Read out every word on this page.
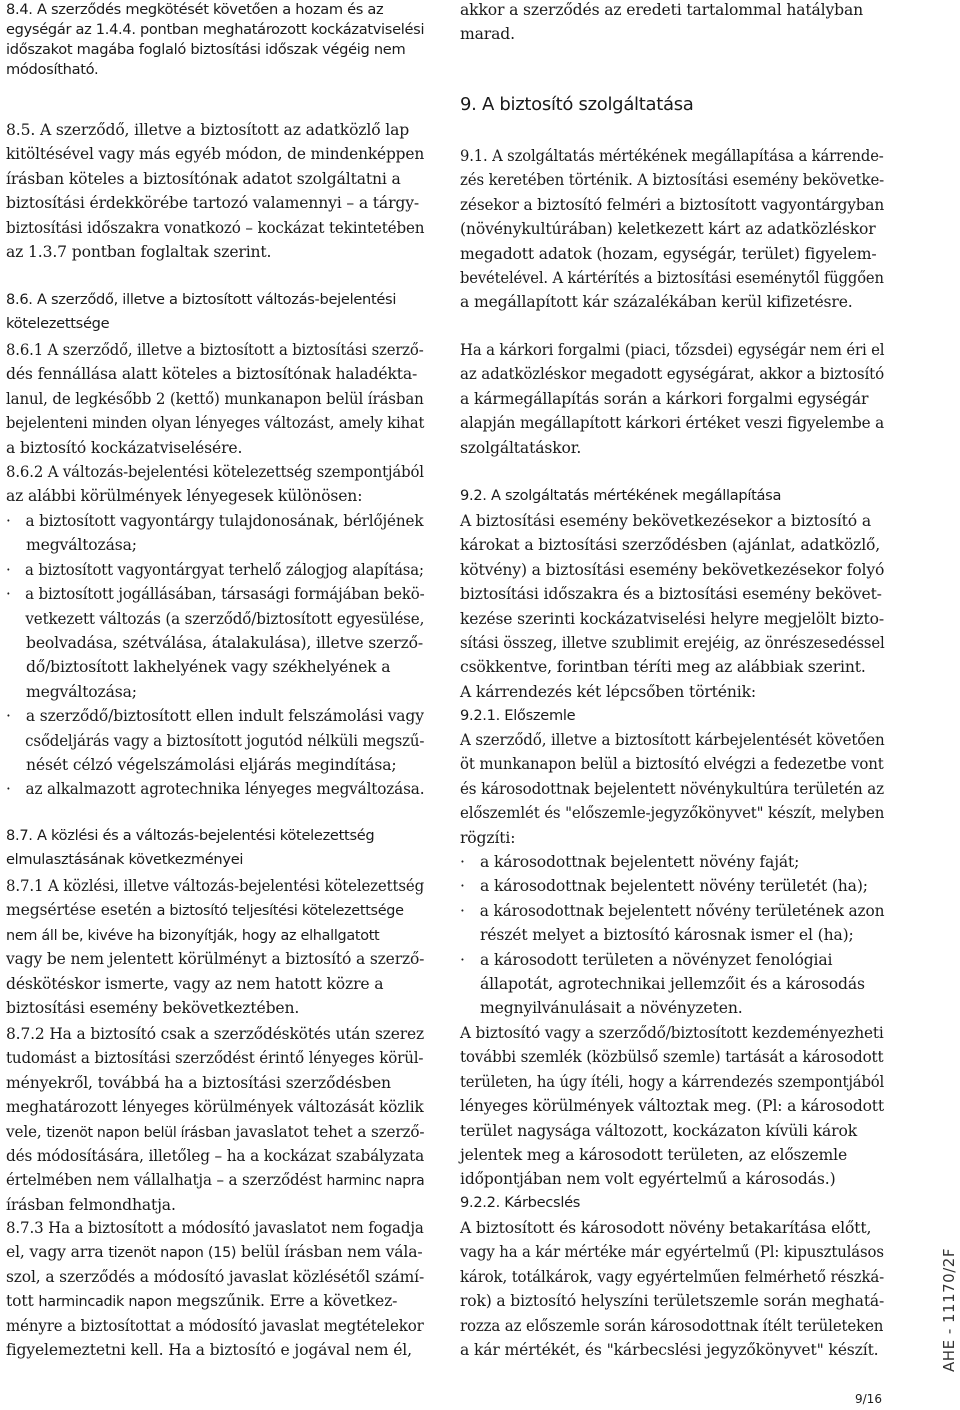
8.4. A szerződés megkötését követően a hozam és az
egységár az 1.4.4. pontban meghatározott kockázatviselési
időszakot magába foglaló biztosítási időszak végéig nem
módosítható.
8.5. A szerződő, illetve a biztosított az adatközlő lap
kitöltésével vagy más egyéb módon, de mindenképpen
írásban köteles a biztosítónak adatot szolgáltatni a
biztosítási érdekkörébe tartozó valamennyi – a tárgy-
biztosítási időszakra vonatkozó – kockázat tekintetében
az 1.3.7 pontban foglaltak szerint.
8.6. A szerződő, illetve a biztosított változás-bejelentési
kötelezettsége
8.6.1 A szerződő, illetve a biztosított a biztosítási szerző-
dés fennállása alatt köteles a biztosítónak haladékta-
lanul, de legkésőbb 2 (kettő) munkanapon belül írásban
bejelenteni minden olyan lényeges változást, amely kihat
a biztosító kockázatviselésére.
8.6.2 A változás-bejelentési kötelezettség szempontjából
az alábbi körülmények lényegesek különösen:
· a biztosított vagyontárgy tulajdonosának, bérlőjének
megváltozása;
· a biztosított vagyontárgyat terhelő zálogjog alapítása;
· a biztosított jogállásában, társasági formájában bekö-
vetkezett változás (a szerződő/biztosított egyesülése,
beolvadása, szétválása, átalakulása), illetve szerző-
dő/biztosított lakhelyének vagy székhelyének a
megváltozása;
· a szerződő/biztosított ellen indult felszámolási vagy
csődeljárás vagy a biztosított jogutód nélküli megszű-
nését célzó végelszámolási eljárás megindítása;
· az alkalmazott agrotechnika lényeges megváltozása.
8.7. A közlési és a változás-bejelentési kötelezettség
elmulasztásának következményei
8.7.1 A közlési, illetve változás-bejelentési kötelezettség
megsértése esetén a biztosító teljesítési kötelezettsége
nem áll be, kivéve ha bizonyítják, hogy az elhallgatott
vagy be nem jelentett körülményt a biztosító a szerző-
déskötéskor ismerte, vagy az nem hatott közre a
biztosítási esemény bekövetkeztében.
8.7.2 Ha a biztosító csak a szerződéskötés után szerez
tudomást a biztosítási szerződést érintő lényeges körül-
ményekről, továbbá ha a biztosítási szerződésben
meghatározott lényeges körülmények változását közlik
vele, tizenöt napon belül írásban javaslatot tehet a szerző-
dés módosítására, illetőleg – ha a kockázat szabályzata
értelmében nem vállalhatja – a szerződést harminc napra
írásban felmondhatja.
8.7.3 Ha a biztosított a módosító javaslatot nem fogadja
el, vagy arra tizenöt napon (15) belül írásban nem vála-
szol, a szerződés a módosító javaslat közlésétől számí-
tott harmincadik napon megszűnik. Erre a következ-
ményre a biztosítottat a módosító javaslat megtételekor
figyelemeztetni kell. Ha a biztosító e jogával nem él,
akkor a szerződés az eredeti tartalommal hatályban
marad.
9. A biztosító szolgáltatása
9.1. A szolgáltatás mértékének megállapítása a kárrende-
zés keretében történik. A biztosítási esemény bekövetke-
zésekor a biztosító felméri a biztosított vagyontárgyban
(növénykultúrában) keletkezett kárt az adatközléskor
megadott adatok (hozam, egységár, terület) figyelem-
bevételével. A kártérítés a biztosítási eseménytől függően
a megállapított kár százalékában kerül kifizetésre.
Ha a kárkori forgalmi (piaci, tőzsdei) egységár nem éri el
az adatközléskor megadott egységárat, akkor a biztosító
a kármegállapítás során a kárkori forgalmi egységár
alapján megállapított kárkori értéket veszi figyelembe a
szolgáltatáskor.
9.2. A szolgáltatás mértékének megállapítása
A biztosítási esemény bekövetkezésekor a biztosító a
károkat a biztosítási szerződésben (ajánlat, adatközlő,
kötvény) a biztosítási esemény bekövetkezésekor folyó
biztosítási időszakra és a biztosítási esemény bekövet-
kezése szerinti kockázatviselési helyre megjelölt bizto-
sítási összeg, illetve szublimit erejéig, az önrészesedéssel
csökkentve, forintban téríti meg az alábbiak szerint.
A kárrendezés két lépcsőben történik:
9.2.1. Előszemle
A szerződő, illetve a biztosított kárbejelentését követően
öt munkanapon belül a biztosító elvégzi a fedezetbe vont
és károsodottnak bejelentett növénykultúra területén az
előszemlét és "előszemle-jegyzőkönyvet" készít, melyben
rögzíti:
· a károsodottnak bejelentett növény faját;
· a károsodottnak bejelentett növény területét (ha);
· a károsodottnak bejelentett nővény területének azon
részét melyet a biztosító károsnak ismer el (ha);
· a károsodott területen a növényzet fenológiai
állapotát, agrotechnikai jellemzőit és a károsodás
megnyilvánulásait a növényzeten.
A biztosító vagy a szerződő/biztosított kezdeményezheti
további szemlék (közbülső szemle) tartását a károsodott
területen, ha úgy ítéli, hogy a kárrendezés szempontjából
lényeges körülmények változtak meg. (Pl: a károsodott
terület nagysága változott, kockázaton kívüli károk
jelentek meg a károsodott területen, az előszemle
időpontjában nem volt egyértelmű a károsodás.)
9.2.2. Kárbecslés
A biztosított és károsodott növény betakarítása előtt,
vagy ha a kár mértéke már egyértelmű (Pl: kipusztulásos
károk, totálkárok, vagy egyértelműen felmérhető részká-
rok) a biztosító helyszíni területszemle során meghatá-
rozza az előszemle során károsodottnak ítélt területeken
a kár mértékét, és "kárbecslési jegyzőkönyvet" készít.	AHE - 11170/2F
9/16
